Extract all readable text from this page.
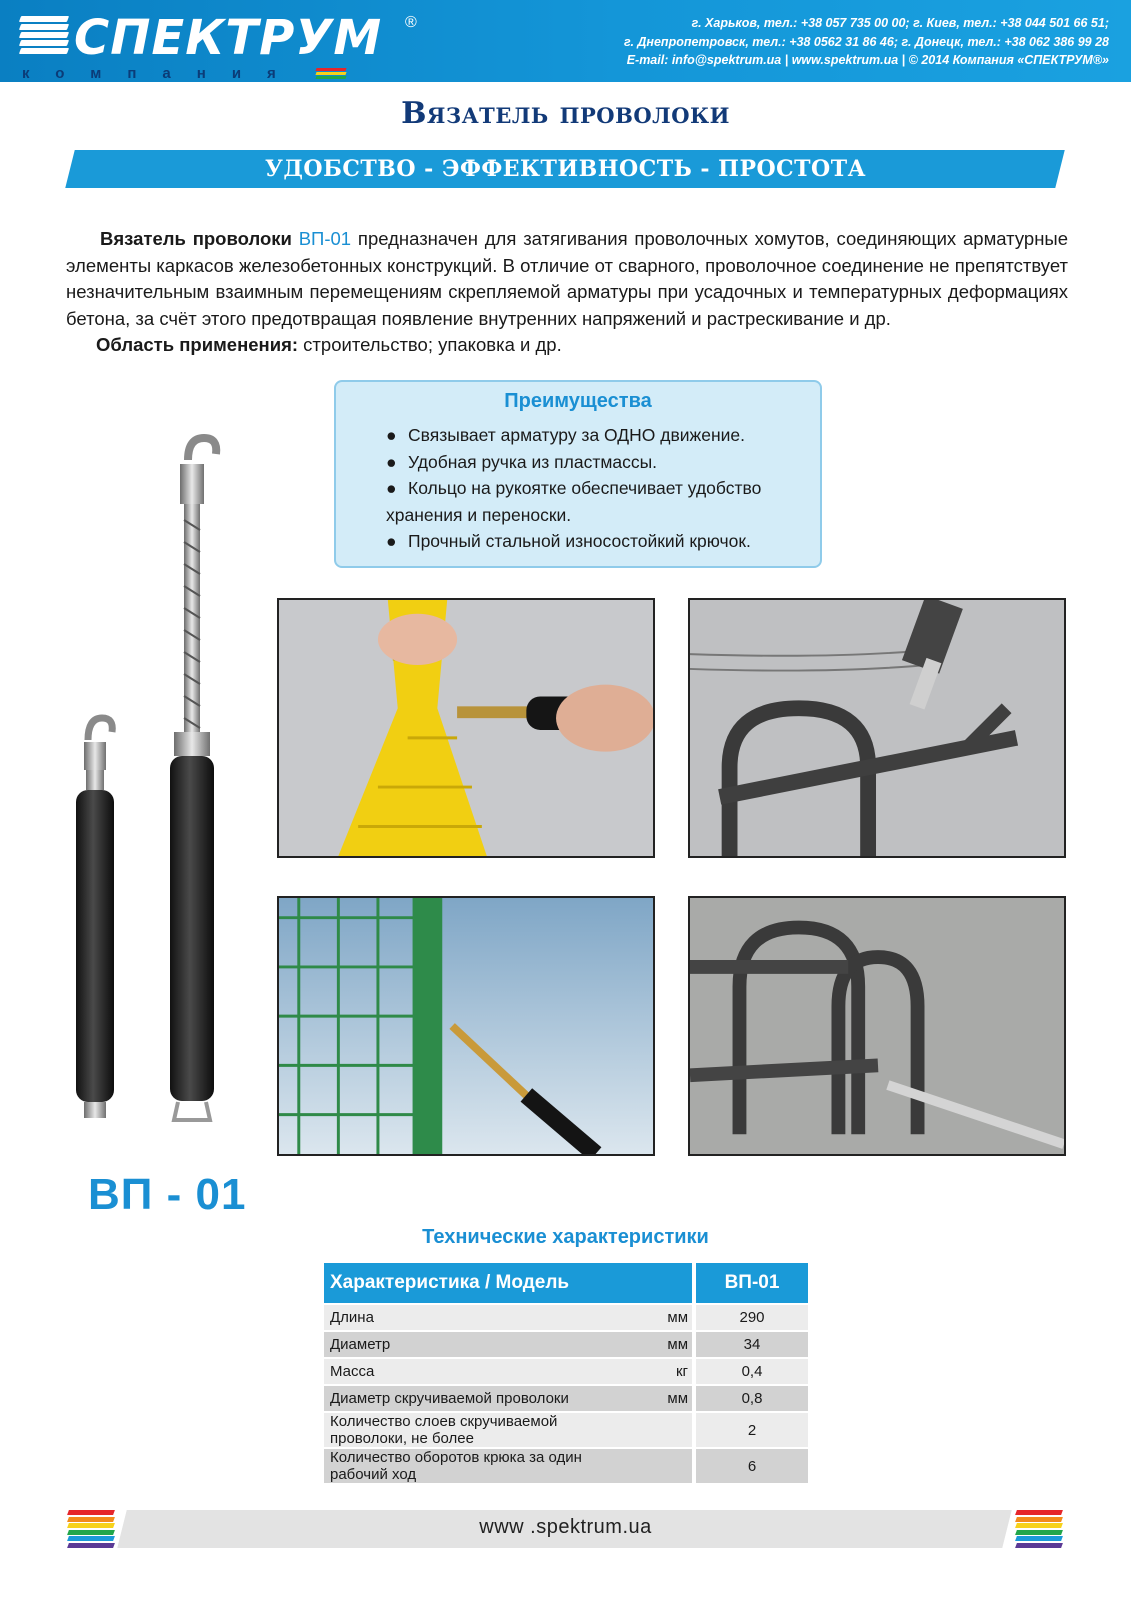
СПЕКТРУМ ®
компания
г. Харьков, тел.: +38 057 735 00 00; г. Киев, тел.: +38 044 501 66 51;
г. Днепропетровск, тел.: +38 0562 31 86 46; г. Донецк, тел.: +38 062 386 99 28
E-mail: info@spektrum.ua | www.spektrum.ua | © 2014 Компания «СПЕКТРУМ®»
Вязатель проволоки
УДОБСТВО - ЭФФЕКТИВНОСТЬ - ПРОСТОТА

Вязатель проволоки ВП-01 предназначен для затягивания проволочных хомутов, соединяющих арматурные элементы каркасов железобетонных конструкций. В отличие от сварного, проволочное соединение не препятствует незначительным взаимным перемещениям скрепляемой арматуры при усадочных и температурных деформациях бетона, за счёт этого предотвращая появление внутренних напряжений и растрескивание и др.

Область применения: строительство; упаковка и др.

Преимущества
● Связывает арматуру за ОДНО движение.
● Удобная ручка из пластмассы.
● Кольцо на рукоятке обеспечивает удобство хранения и переноски.
● Прочный стальной износостойкий крючок.
ВП - 01
Технические характеристики
Характеристика / Модель		ВП-01
Длина	мм	290
Диаметр	мм	34
Масса	кг	0,4
Диаметр скручиваемой проволоки	мм	0,8
Количество слоев скручиваемой проволоки, не более		2
Количество оборотов крюка за один рабочий ход		6
www .spektrum.ua
